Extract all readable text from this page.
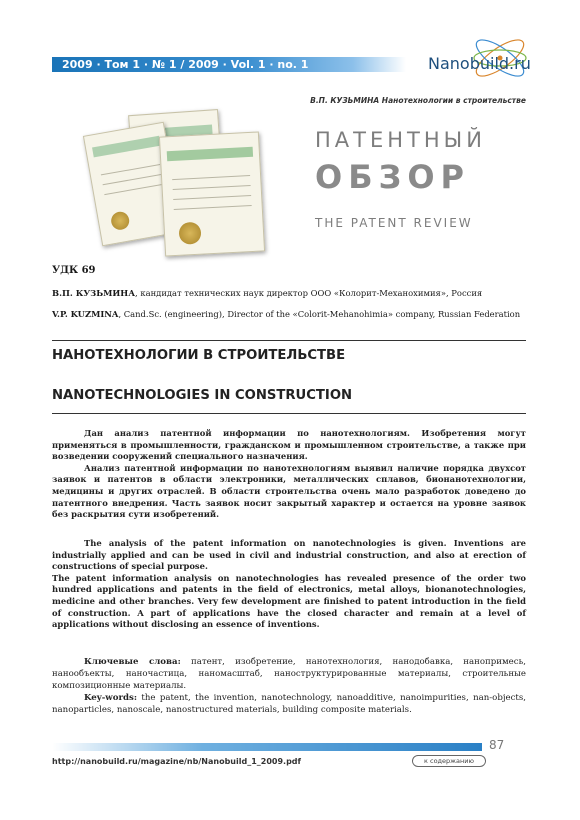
2009 · Том 1 · № 1 / 2009 · Vol. 1 · no. 1	Nanobuild.ru
В.П. КУЗЬМИНА Нанотехнологии в строительстве
ПАТЕНТНЫЙ
ОБЗОР
THE PATENT REVIEW
УДК 69
В.П. КУЗЬМИНА, кандидат технических наук директор ООО «Колорит-Механохимия», Россия
V.P. KUZMINA, Cand.Sc. (engineering), Director of the «Colorit-Mehanohimia» company, Russian Federation
НАНОТЕХНОЛОГИИ В СТРОИТЕЛЬСТВЕ
NANOTECHNOLOGIES IN CONSTRUCTION

Дан анализ патентной информации по нанотехнологиям. Изобретения могут применяться в промышленности, гражданском и промышленном строительстве, а также при возведении сооружений специального назначения.

Анализ патентной информации по нанотехнологиям выявил наличие порядка двухсот заявок и патентов в области электроники, металлических сплавов, бионанотехнологии, медицины и других отраслей. В области строительства очень мало разработок доведено до патентного внедрения. Часть заявок носит закрытый характер и остается на уровне заявок без раскрытия сути изобретений.

The analysis of the patent information on nanotechnologies is given. Inventions are industrially applied and can be used in civil and industrial construction, and also at erection of constructions of special purpose.

The patent information analysis on nanotechnologies has revealed presence of the order two hundred applications and patents in the field of electronics, metal alloys, bionanotechnologies, medicine and other branches. Very few development are finished to patent introduction in the field of construction. A part of applications have the closed character and remain at a level of applications without disclosing an essence of inventions.

Ключевые слова: патент, изобретение, нанотехнология, нанодобавка, нанопримесь, нанообъекты, наночастица, наномасштаб, наноструктурированные материалы, строительные композиционные материалы.

Key-words: the patent, the invention, nanotechnology, nanoadditive, nanoimpurities, nan-objects, nanoparticles, nanoscale, nanostructured materials, building composite materials.

87
http://nanobuild.ru/magazine/nb/Nanobuild_1_2009.pdf	к содержанию
